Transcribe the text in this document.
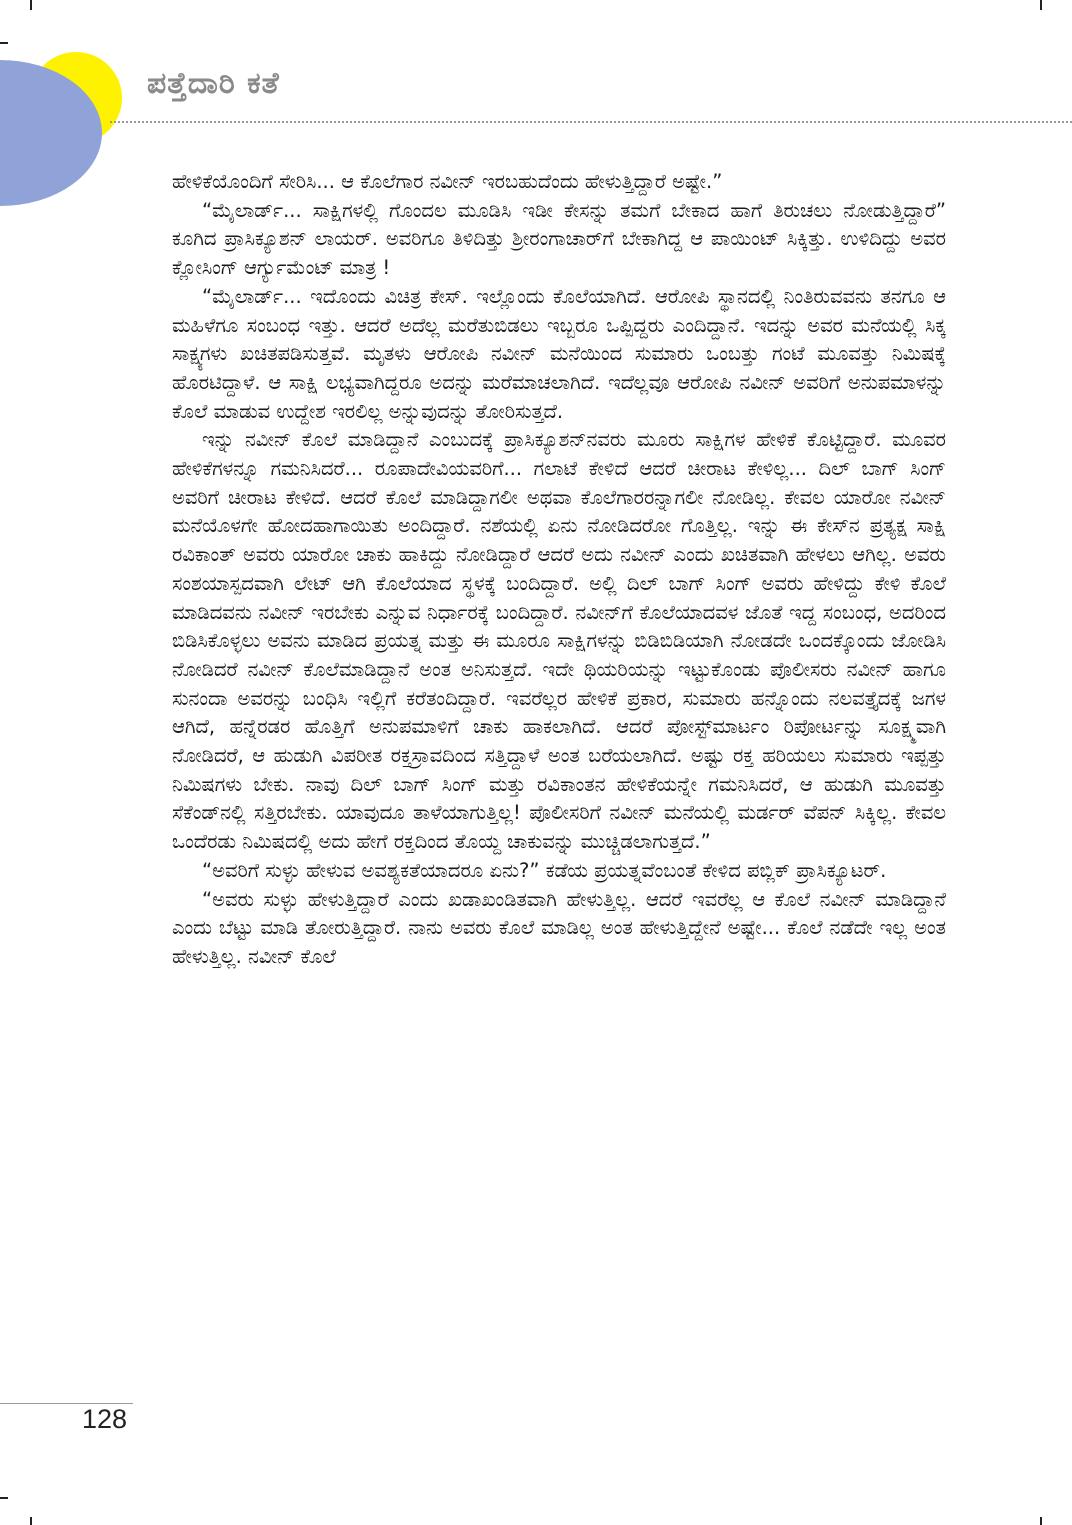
ಪತ್ತೆದಾರಿ ಕತೆ

ಹೇಳಿಕೆಯೊಂದಿಗೆ ಸೇರಿಸಿ... ಆ ಕೊಲೆಗಾರ ನವೀನ್ ಇರಬಹುದೆಂದು ಹೇಳುತ್ತಿದ್ದಾರೆ ಅಷ್ಟೇ.”

“ಮೈಲಾರ್ಡ್... ಸಾಕ್ಷಿಗಳಲ್ಲಿ ಗೊಂದಲ ಮೂಡಿಸಿ ಇಡೀ ಕೇಸನ್ನು ತಮಗೆ ಬೇಕಾದ ಹಾಗೆ ತಿರುಚಲು ನೋಡುತ್ತಿದ್ದಾರೆ” ಕೂಗಿದ ಪ್ರಾಸಿಕ್ಯೂಶನ್ ಲಾಯರ್. ಅವರಿಗೂ ತಿಳಿದಿತ್ತು ಶ್ರೀರಂಗಾಚಾರ್‌ಗೆ ಬೇಕಾಗಿದ್ದ ಆ ಪಾಯಿಂಟ್ ಸಿಕ್ಕಿತ್ತು. ಉಳಿದಿದ್ದು ಅವರ ಕ್ಲೋಸಿಂಗ್ ಆರ್ಗ್ಯುಮೆಂಟ್ ಮಾತ್ರ !

“ಮೈಲಾರ್ಡ್... ಇದೊಂದು ವಿಚಿತ್ರ ಕೇಸ್. ಇಲ್ಲೊಂದು ಕೊಲೆಯಾಗಿದೆ. ಆರೋಪಿ ಸ್ಥಾನದಲ್ಲಿ ನಿಂತಿರುವವನು ತನಗೂ ಆ ಮಹಿಳೆಗೂ ಸಂಬಂಧ ಇತ್ತು. ಆದರೆ ಅದೆಲ್ಲ ಮರೆತುಬಿಡಲು ಇಬ್ಬರೂ ಒಪ್ಪಿದ್ದರು ಎಂದಿದ್ದಾನೆ. ಇದನ್ನು ಅವರ ಮನೆಯಲ್ಲಿ ಸಿಕ್ಕ ಸಾಕ್ಷ್ಯಗಳು ಖಚಿತಪಡಿಸುತ್ತವೆ. ಮೃತಳು ಆರೋಪಿ ನವೀನ್ ಮನೆಯಿಂದ ಸುಮಾರು ಒಂಬತ್ತು ಗಂಟೆ ಮೂವತ್ತು ನಿಮಿಷಕ್ಕೆ ಹೊರಟಿದ್ದಾಳೆ. ಆ ಸಾಕ್ಷಿ ಲಭ್ಯವಾಗಿದ್ದರೂ ಅದನ್ನು ಮರೆಮಾಚಲಾಗಿದೆ. ಇದೆಲ್ಲವೂ ಆರೋಪಿ ನವೀನ್ ಅವರಿಗೆ ಅನುಪಮಾಳನ್ನು ಕೊಲೆ ಮಾಡುವ ಉದ್ದೇಶ ಇರಲಿಲ್ಲ ಅನ್ನುವುದನ್ನು ತೋರಿಸುತ್ತದೆ.

ಇನ್ನು ನವೀನ್ ಕೊಲೆ ಮಾಡಿದ್ದಾನೆ ಎಂಬುದಕ್ಕೆ ಪ್ರಾಸಿಕ್ಯೂಶನ್‌ನವರು ಮೂರು ಸಾಕ್ಷಿಗಳ ಹೇಳಿಕೆ ಕೊಟ್ಟಿದ್ದಾರೆ. ಮೂವರ ಹೇಳಿಕೆಗಳನ್ನೂ ಗಮನಿಸಿದರೆ... ರೂಪಾದೇವಿಯವರಿಗೆ... ಗಲಾಟೆ ಕೇಳಿದೆ ಆದರೆ ಚೀರಾಟ ಕೇಳಿಲ್ಲ... ದಿಲ್ ಬಾಗ್ ಸಿಂಗ್ ಅವರಿಗೆ ಚೀರಾಟ ಕೇಳಿದೆ. ಆದರೆ ಕೊಲೆ ಮಾಡಿದ್ದಾಗಲೀ ಅಥವಾ ಕೊಲೆಗಾರರನ್ನಾಗಲೀ ನೋಡಿಲ್ಲ. ಕೇವಲ ಯಾರೋ ನವೀನ್ ಮನೆಯೊಳಗೇ ಹೋದಹಾಗಾಯಿತು ಅಂದಿದ್ದಾರೆ. ನಶೆಯಲ್ಲಿ ಏನು ನೋಡಿದರೋ ಗೊತ್ತಿಲ್ಲ. ಇನ್ನು ಈ ಕೇಸ್‌ನ ಪ್ರತ್ಯಕ್ಷ ಸಾಕ್ಷಿ ರವಿಕಾಂತ್ ಅವರು ಯಾರೋ ಚಾಕು ಹಾಕಿದ್ದು ನೋಡಿದ್ದಾರೆ ಆದರೆ ಅದು ನವೀನ್ ಎಂದು ಖಚಿತವಾಗಿ ಹೇಳಲು ಆಗಿಲ್ಲ. ಅವರು ಸಂಶಯಾಸ್ಪದವಾಗಿ ಲೇಟ್ ಆಗಿ ಕೊಲೆಯಾದ ಸ್ಥಳಕ್ಕೆ ಬಂದಿದ್ದಾರೆ. ಅಲ್ಲಿ ದಿಲ್ ಬಾಗ್ ಸಿಂಗ್ ಅವರು ಹೇಳಿದ್ದು ಕೇಳಿ ಕೊಲೆ ಮಾಡಿದವನು ನವೀನ್ ಇರಬೇಕು ಎನ್ನುವ ನಿರ್ಧಾರಕ್ಕೆ ಬಂದಿದ್ದಾರೆ. ನವೀನ್‌ಗೆ ಕೊಲೆಯಾದವಳ ಜೊತೆ ಇದ್ದ ಸಂಬಂಧ, ಅದರಿಂದ ಬಿಡಿಸಿಕೊಳ್ಳಲು ಅವನು ಮಾಡಿದ ಪ್ರಯತ್ನ ಮತ್ತು ಈ ಮೂರೂ ಸಾಕ್ಷಿಗಳನ್ನು ಬಿಡಿಬಿಡಿಯಾಗಿ ನೋಡದೇ ಒಂದಕ್ಕೊಂದು ಜೋಡಿಸಿ ನೋಡಿದರೆ ನವೀನ್ ಕೊಲೆಮಾಡಿದ್ದಾನೆ ಅಂತ ಅನಿಸುತ್ತದೆ. ಇದೇ ಥಿಯರಿಯನ್ನು ಇಟ್ಟುಕೊಂಡು ಪೊಲೀಸರು ನವೀನ್ ಹಾಗೂ ಸುನಂದಾ ಅವರನ್ನು ಬಂಧಿಸಿ ಇಲ್ಲಿಗೆ ಕರೆತಂದಿದ್ದಾರೆ. ಇವರೆಲ್ಲರ ಹೇಳಿಕೆ ಪ್ರಕಾರ, ಸುಮಾರು ಹನ್ನೊಂದು ನಲವತ್ತೈದಕ್ಕೆ ಜಗಳ ಆಗಿದೆ, ಹನ್ನೆರಡರ ಹೊತ್ತಿಗೆ ಅನುಪಮಾಳಿಗೆ ಚಾಕು ಹಾಕಲಾಗಿದೆ. ಆದರೆ ಪೋಸ್ಟ್‌ಮಾರ್ಟಂ ರಿಪೋರ್ಟನ್ನು ಸೂಕ್ಷ್ಮವಾಗಿ ನೋಡಿದರೆ, ಆ ಹುಡುಗಿ ವಿಪರೀತ ರಕ್ತಸ್ರಾವದಿಂದ ಸತ್ತಿದ್ದಾಳೆ ಅಂತ ಬರೆಯಲಾಗಿದೆ. ಅಷ್ಟು ರಕ್ತ ಹರಿಯಲು ಸುಮಾರು ಇಪ್ಪತ್ತು ನಿಮಿಷಗಳು ಬೇಕು. ನಾವು ದಿಲ್ ಬಾಗ್ ಸಿಂಗ್ ಮತ್ತು ರವಿಕಾಂತನ ಹೇಳಿಕೆಯನ್ನೇ ಗಮನಿಸಿದರೆ, ಆ ಹುಡುಗಿ ಮೂವತ್ತು ಸೆಕೆಂಡ್‌ನಲ್ಲಿ ಸತ್ತಿರಬೇಕು. ಯಾವುದೂ ತಾಳೆಯಾಗುತ್ತಿಲ್ಲ! ಪೊಲೀಸರಿಗೆ ನವೀನ್ ಮನೆಯಲ್ಲಿ ಮರ್ಡರ್ ವೆಪನ್ ಸಿಕ್ಕಿಲ್ಲ. ಕೇವಲ ಒಂದೆರಡು ನಿಮಿಷದಲ್ಲಿ ಅದು ಹೇಗೆ ರಕ್ತದಿಂದ ತೊಯ್ದ ಚಾಕುವನ್ನು ಮುಚ್ಚಿಡಲಾಗುತ್ತದೆ.”

“ಅವರಿಗೆ ಸುಳ್ಳು ಹೇಳುವ ಅವಶ್ಯಕತೆಯಾದರೂ ಏನು?” ಕಡೆಯ ಪ್ರಯತ್ನವೆಂಬಂತೆ ಕೇಳಿದ ಪಬ್ಲಿಕ್ ಪ್ರಾಸಿಕ್ಯೂಟರ್.

“ಅವರು ಸುಳ್ಳು ಹೇಳುತ್ತಿದ್ದಾರೆ ಎಂದು ಖಡಾಖಂಡಿತವಾಗಿ ಹೇಳುತ್ತಿಲ್ಲ. ಆದರೆ ಇವರೆಲ್ಲ ಆ ಕೊಲೆ ನವೀನ್ ಮಾಡಿದ್ದಾನೆ ಎಂದು ಬೆಟ್ಟು ಮಾಡಿ ತೋರುತ್ತಿದ್ದಾರೆ. ನಾನು ಅವರು ಕೊಲೆ ಮಾಡಿಲ್ಲ ಅಂತ ಹೇಳುತ್ತಿದ್ದೇನೆ ಅಷ್ಟೇ... ಕೊಲೆ ನಡೆದೇ ಇಲ್ಲ ಅಂತ ಹೇಳುತ್ತಿಲ್ಲ. ನವೀನ್ ಕೊಲೆ

128
